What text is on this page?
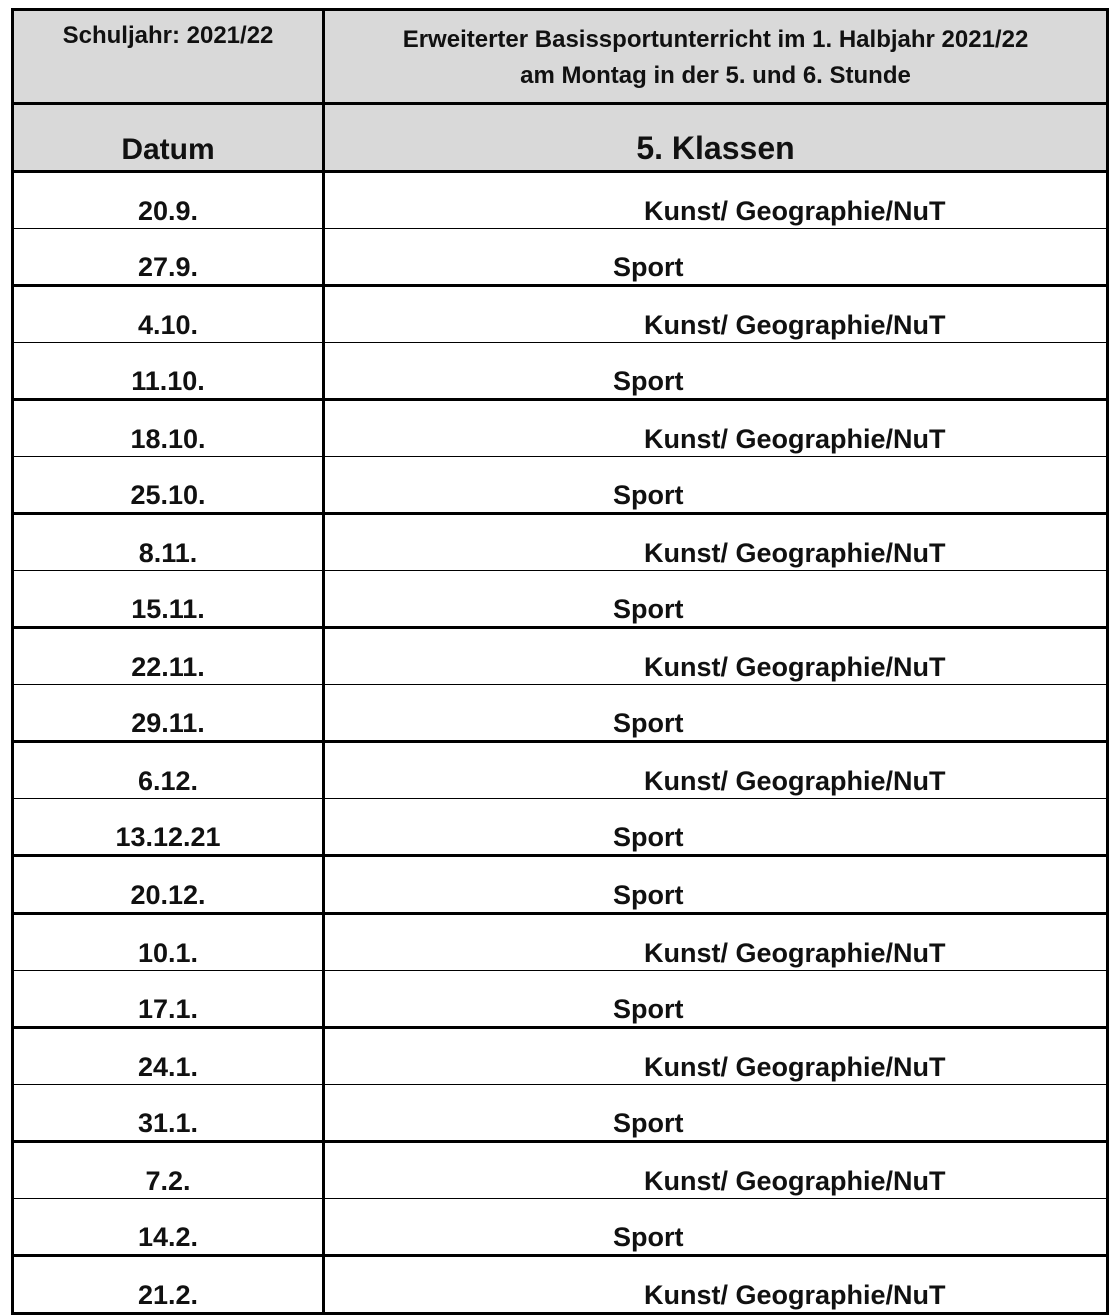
Schuljahr: 2021/22	Erweiterter Basissportunterricht im 1. Halbjahr 2021/22
am Montag in der 5. und 6. Stunde

Datum	5. Klassen
20.9.	Kunst/ Geographie/NuT
27.9.	Sport
4.10.	Kunst/ Geographie/NuT
11.10.	Sport
18.10.	Kunst/ Geographie/NuT
25.10.	Sport
8.11.	Kunst/ Geographie/NuT
15.11.	Sport
22.11.	Kunst/ Geographie/NuT
29.11.	Sport
6.12.	Kunst/ Geographie/NuT
13.12.21	Sport
20.12.	Sport
10.1.	Kunst/ Geographie/NuT
17.1.	Sport
24.1.	Kunst/ Geographie/NuT
31.1.	Sport
7.2.	Kunst/ Geographie/NuT
14.2.	Sport
21.2.	Kunst/ Geographie/NuT
